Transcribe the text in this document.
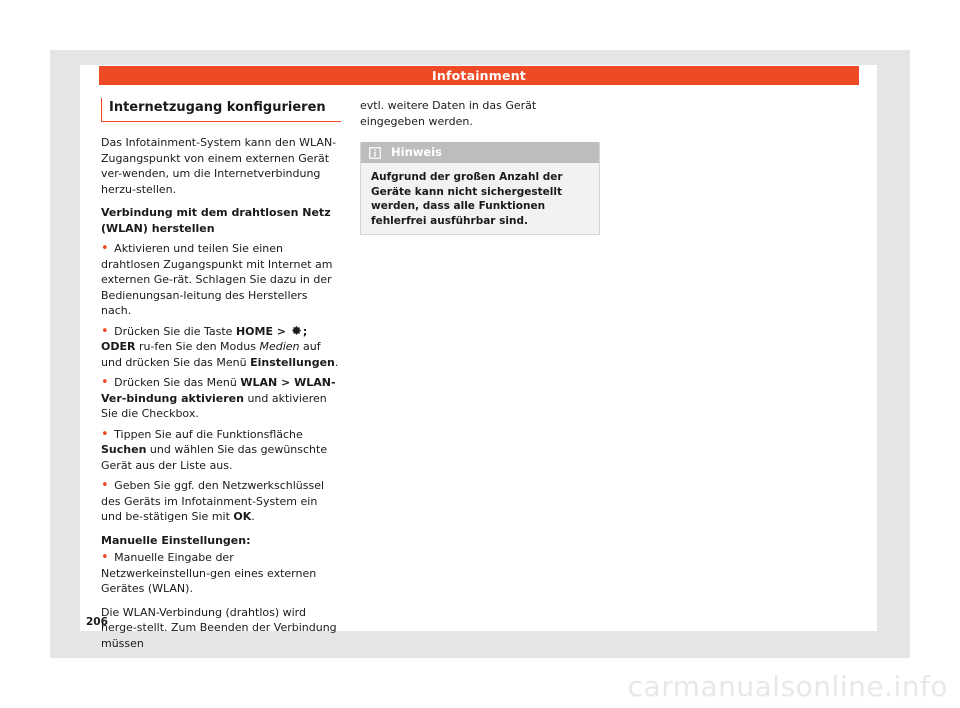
Infotainment
Internetzugang konfigurieren

Das Infotainment-System kann den WLAN-Zugangspunkt von einem externen Gerät ver-wenden, um die Internetverbindung herzu-stellen.

Verbindung mit dem drahtlosen Netz (WLAN) herstellen

• Aktivieren und teilen Sie einen drahtlosen Zugangspunkt mit Internet am externen Ge-rät. Schlagen Sie dazu in der Bedienungsan-leitung des Herstellers nach.

• Drücken Sie die Taste HOME > ; ODER ru-fen Sie den Modus Medien auf und drücken Sie das Menü Einstellungen.

• Drücken Sie das Menü WLAN > WLAN-Ver-bindung aktivieren und aktivieren Sie die Checkbox.

• Tippen Sie auf die Funktionsfläche Suchen und wählen Sie das gewünschte Gerät aus der Liste aus.

• Geben Sie ggf. den Netzwerkschlüssel des Geräts im Infotainment-System ein und be-stätigen Sie mit OK.

Manuelle Einstellungen:

• Manuelle Eingabe der Netzwerkeinstellun-gen eines externen Gerätes (WLAN).

Die WLAN-Verbindung (drahtlos) wird herge-stellt. Zum Beenden der Verbindung müssen

evtl. weitere Daten in das Gerät eingegeben werden.

Hinweis
Aufgrund der großen Anzahl der Geräte kann nicht sichergestellt werden, dass alle Funktionen fehlerfrei ausführbar sind.
206
carmanualsonline.info
